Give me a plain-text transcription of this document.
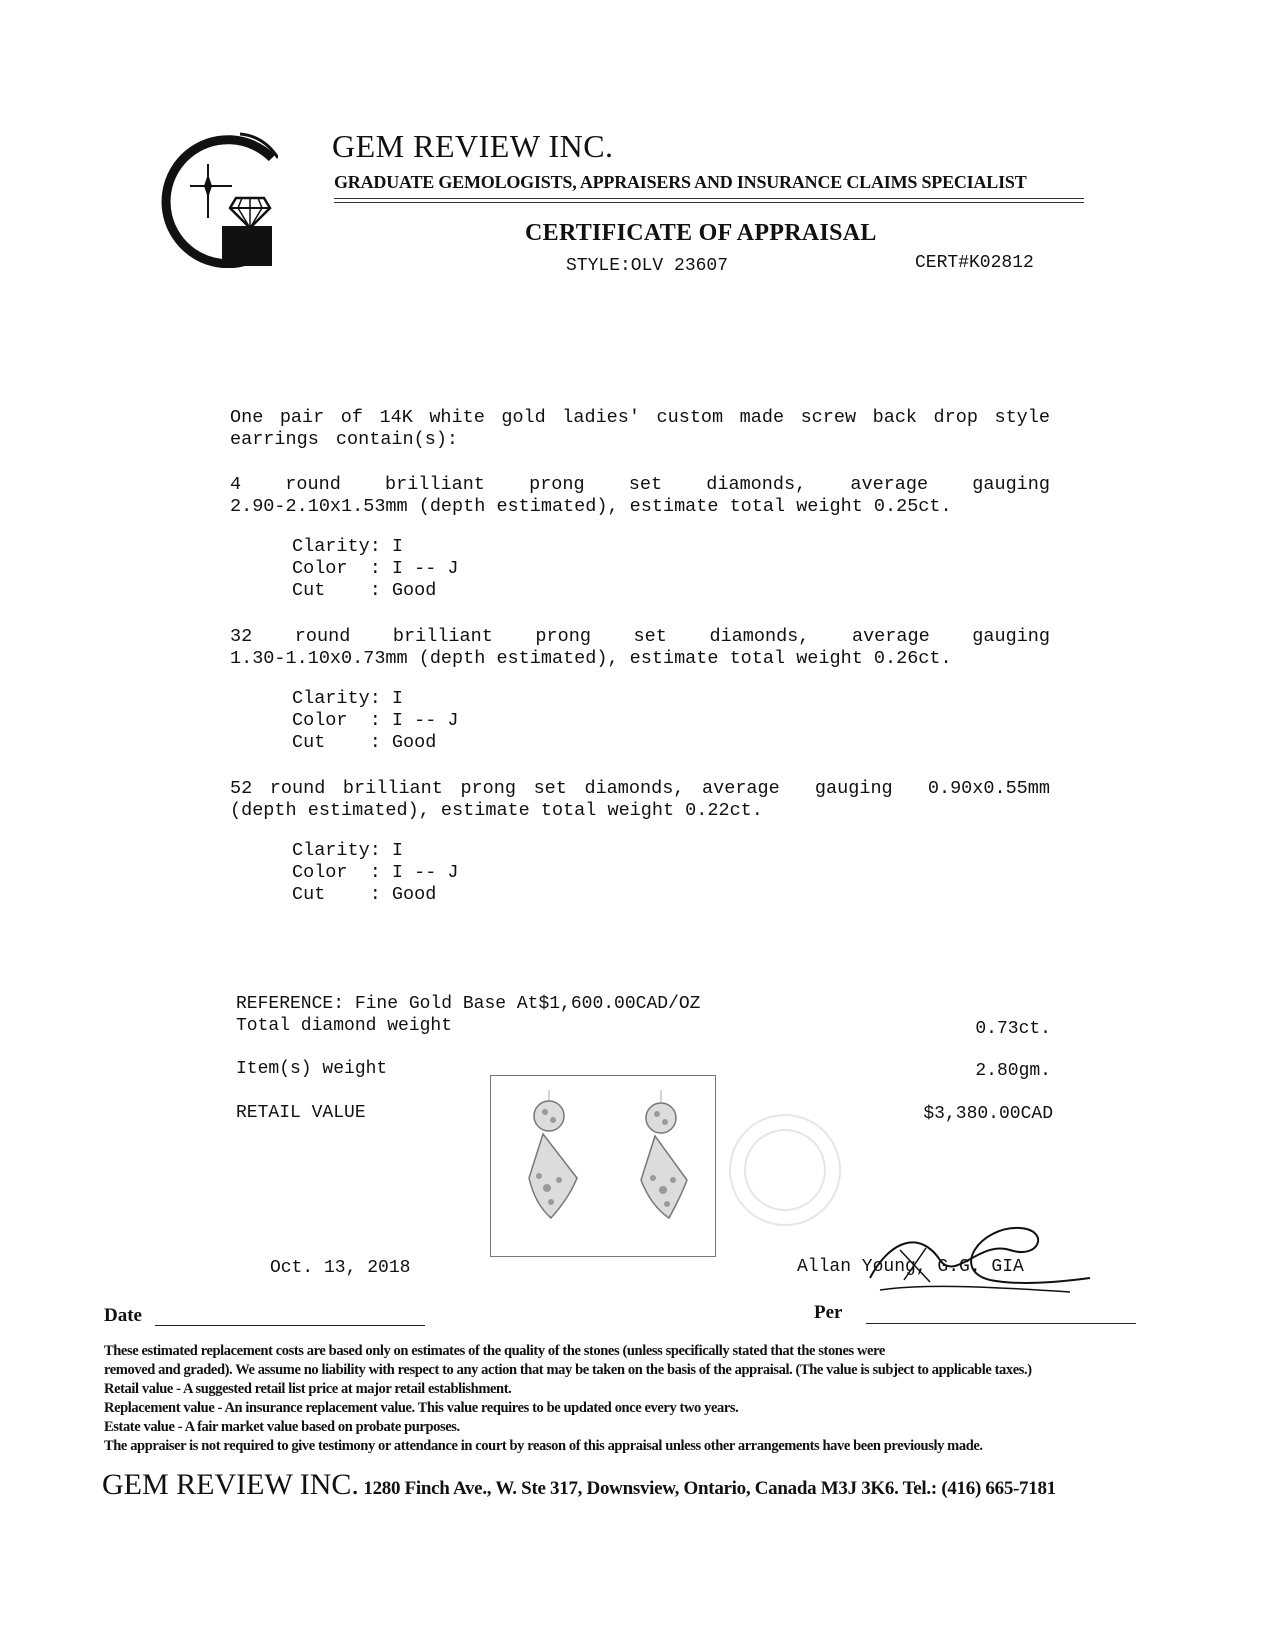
GEM REVIEW INC.
GRADUATE GEMOLOGISTS, APPRAISERS AND INSURANCE CLAIMS SPECIALIST
CERTIFICATE OF APPRAISAL
STYLE:OLV 23607	CERT#K02812
One pair of 14K white gold ladies' custom made screw back drop style
earrings contain(s):
4 round brilliant prong set diamonds, average gauging
2.90-2.10x1.53mm (depth estimated), estimate total weight 0.25ct.
Clarity: I
Color  : I -- J
Cut    : Good
32 round brilliant prong set diamonds, average gauging
1.30-1.10x0.73mm (depth estimated), estimate total weight 0.26ct.
Clarity: I
Color  : I -- J
Cut    : Good
52 round brilliant prong set diamonds, average  gauging  0.90x0.55mm
(depth estimated), estimate total weight 0.22ct.
Clarity: I
Color  : I -- J
Cut    : Good
REFERENCE: Fine Gold Base At$1,600.00CAD/OZ
Total diamond weight	0.73ct.
Item(s) weight	2.80gm.
RETAIL VALUE	$3,380.00CAD
Oct. 13, 2018	Allan Young, G.G. GIA
Date	Per
These estimated replacement costs are based only on estimates of the quality of the stones (unless specifically stated that the stones were
removed and graded). We assume no liability with respect to any action that may be taken on the basis of the appraisal. (The value is subject to applicable taxes.)
Retail value - A suggested retail list price at major retail establishment.
Replacement value - An insurance replacement value. This value requires to be updated once every two years.
Estate value - A fair market value based on probate purposes.
The appraiser is not required to give testimony or attendance in court by reason of this appraisal unless other arrangements have been previously made.
GEM REVIEW INC. 1280 Finch Ave., W. Ste 317, Downsview, Ontario, Canada M3J 3K6. Tel.: (416) 665-7181
